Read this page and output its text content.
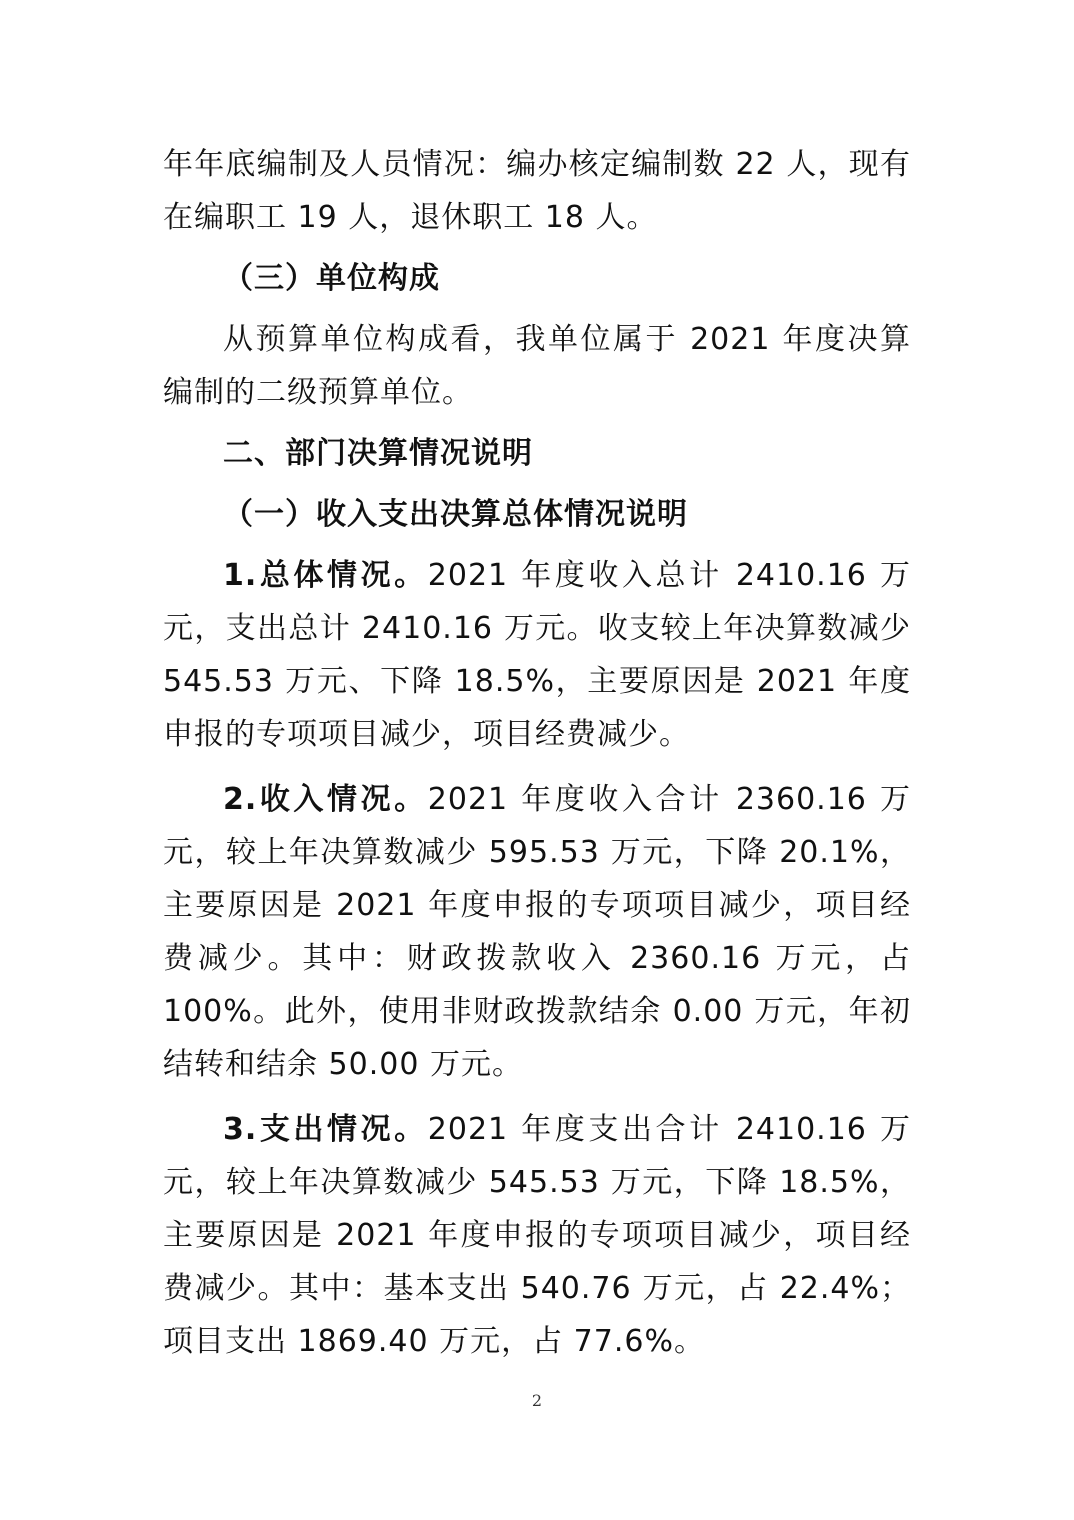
年年底编制及人员情况：编办核定编制数 22 人，现有在编职工 19 人，退休职工 18 人。

（三）单位构成

从预算单位构成看，我单位属于 2021 年度决算编制的二级预算单位。

二、部门决算情况说明

（一）收入支出决算总体情况说明

1.总体情况。2021 年度收入总计 2410.16 万元，支出总计 2410.16 万元。收支较上年决算数减少 545.53 万元、下降 18.5%，主要原因是 2021 年度申报的专项项目减少，项目经费减少。

2.收入情况。2021 年度收入合计 2360.16 万元，较上年决算数减少 595.53 万元，下降 20.1%，主要原因是 2021 年度申报的专项项目减少，项目经费减少。其中：财政拨款收入 2360.16 万元，占 100%。此外，使用非财政拨款结余 0.00 万元，年初结转和结余 50.00 万元。

3.支出情况。2021 年度支出合计 2410.16 万元，较上年决算数减少 545.53 万元，下降 18.5%，主要原因是 2021 年度申报的专项项目减少，项目经费减少。其中：基本支出 540.76 万元，占 22.4%；项目支出 1869.40 万元，占 77.6%。

2
